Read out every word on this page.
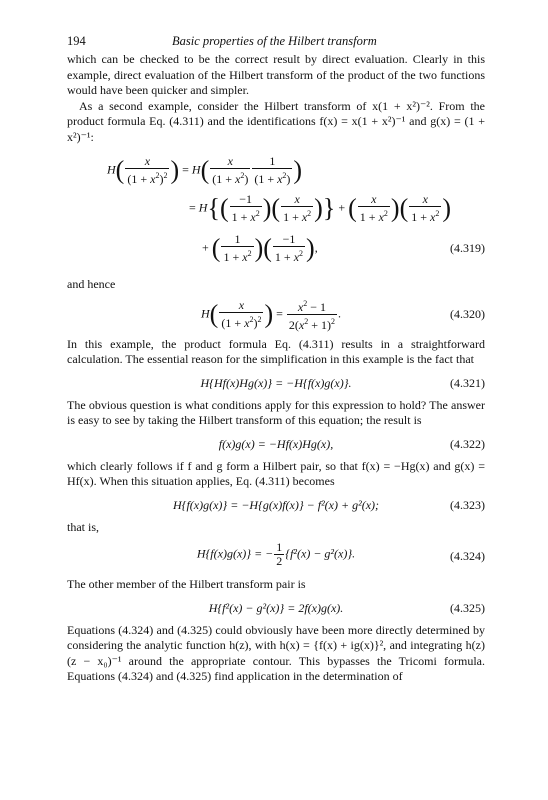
194	Basic properties of the Hilbert transform

which can be checked to be the correct result by direct evaluation. Clearly in this example, direct evaluation of the Hilbert transform of the product of the two functions would have been quicker and simpler.

As a second example, consider the Hilbert transform of x(1 + x²)⁻². From the product formula Eq. (4.311) and the identifications f(x) = x(1 + x²)⁻¹ and g(x) = (1 + x²)⁻¹:

$H( \frac{x}{(1 + x^2)^2}$ ) = $H( \frac{x}{(1 + x^2)} \frac{1}{(1 + x^2)}$ )
= $H\{( \frac{-1}{1 + x^2}$ )( $\frac{x}{1 + x^2}$ )} + ( $\frac{x}{1 + x^2}$ )( $\frac{x}{1 + x^2}$ )
+ ( $\frac{1}{1 + x^2}$ )( $\frac{-1}{1 + x^2}$ ),	(4.319)

and hence

$H( \frac{x}{(1 + x^2)^2}$ ) = $\frac{x^2 - 1}{2(x^2 + 1)^2}$ .	(4.320)

In this example, the product formula Eq. (4.311) results in a straightforward calculation. The essential reason for the simplification in this example is the fact that

H{Hf(x)Hg(x)} = −H{f(x)g(x)}.	(4.321)

The obvious question is what conditions apply for this expression to hold? The answer is easy to see by taking the Hilbert transform of this equation; the result is

f(x)g(x) = −Hf(x)Hg(x),	(4.322)

which clearly follows if f and g form a Hilbert pair, so that f(x) = −Hg(x) and g(x) = Hf(x). When this situation applies, Eq. (4.311) becomes

H{f(x)g(x)} = −H{g(x)f(x)} − f²(x) + g²(x);	(4.323)

that is,

H{f(x)g(x)} = − $\frac{1}{2} \{f^2(x) - g^2(x)\}$.	(4.324)

The other member of the Hilbert transform pair is

H{f²(x) − g²(x)} = 2f(x)g(x).	(4.325)

Equations (4.324) and (4.325) could obviously have been more directly determined by considering the analytic function h(z), with h(x) = {f(x) + ig(x)}², and integrating h(z)(z − x₀)⁻¹ around the appropriate contour. This bypasses the Tricomi formula. Equations (4.324) and (4.325) find application in the determination of
